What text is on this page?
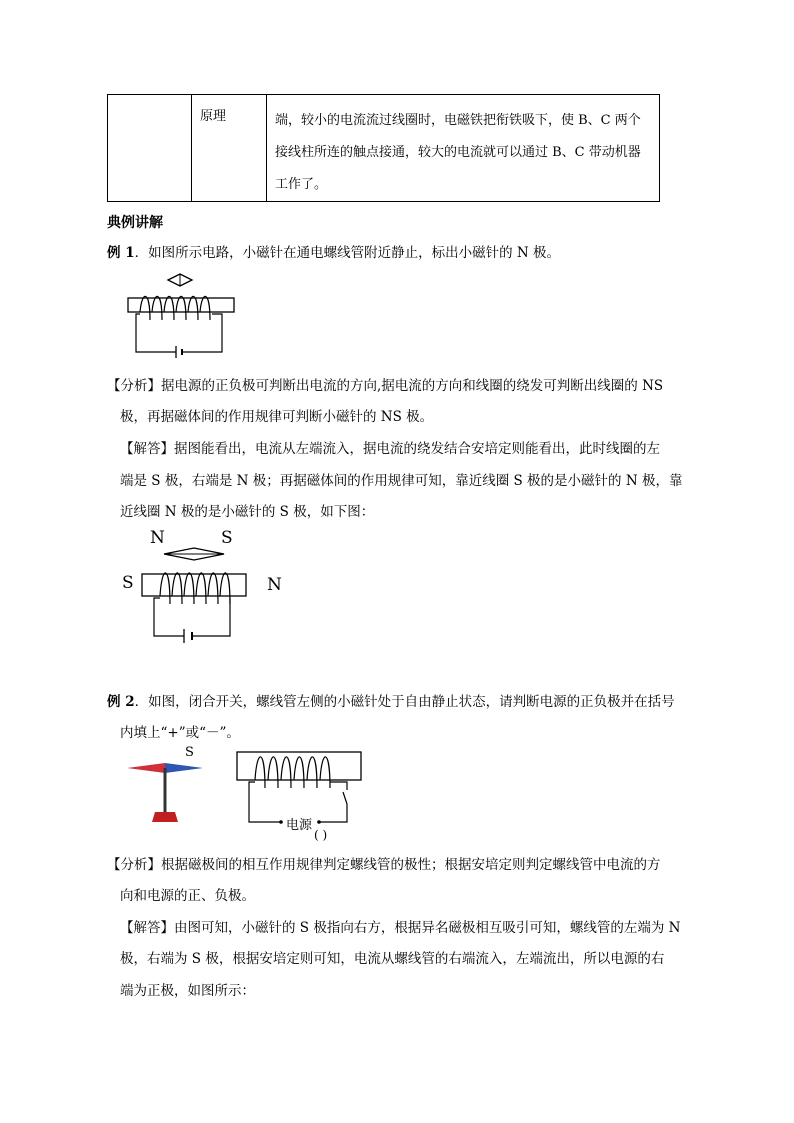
	原理	端，较小的电流流过线圈时，电磁铁把衔铁吸下，使 B、C 两个接线柱所连的触点接通，较大的电流就可以通过 B、C 带动机器工作了。
典例讲解
例 1．如图所示电路，小磁针在通电螺线管附近静止，标出小磁针的 N 极。
【分析】据电源的正负极可判断出电流的方向,据电流的方向和线圈的绕发可判断出线圈的 NS
极，再据磁体间的作用规律可判断小磁针的 NS 极。
【解答】据图能看出，电流从左端流入，据电流的绕发结合安培定则能看出，此时线圈的左
端是 S 极，右端是 N 极；再据磁体间的作用规律可知，靠近线圈 S 极的是小磁针的 N 极，靠
近线圈 N 极的是小磁针的 S 极，如下图：
N	S
S	N
例 2．如图，闭合开关，螺线管左侧的小磁针处于自由静止状态，请判断电源的正负极并在括号
内填上“+”或“－”。
S
电源
( )
【分析】根据磁极间的相互作用规律判定螺线管的极性；根据安培定则判定螺线管中电流的方
向和电源的正、负极。
【解答】由图可知，小磁针的 S 极指向右方，根据异名磁极相互吸引可知，螺线管的左端为 N
极，右端为 S 极，根据安培定则可知，电流从螺线管的右端流入，左端流出，所以电源的右
端为正极，如图所示：
